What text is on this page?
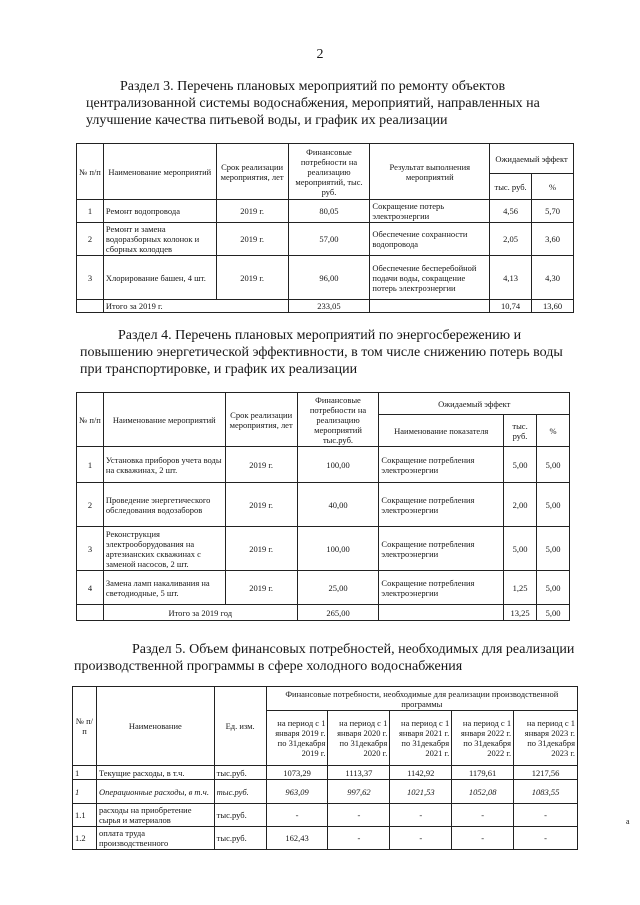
2
Раздел 3. Перечень плановых мероприятий по ремонту объектов
централизованной системы водоснабжения, мероприятий, направленных на
улучшение качества питьевой воды, и график их реализации
№ п/п	Наименование мероприятий	Срок реализации мероприятия, лет	Финансовые потребности на реализацию мероприятий, тыс. руб.	Результат выполнения мероприятий	Ожидаемый эффект	
					тыс. руб.	%
1	Ремонт водопровода	2019 г.	80,05	Сокращение потерь электроэнергии	4,56	5,70
2	Ремонт и замена водоразборных колонок и сборных колодцев	2019 г.	57,00	Обеспечение сохранности водопровода	2,05	3,60
3	Хлорирование башен, 4 шт.	2019 г.	96,00	Обеспечение бесперебойной подачи воды, сокращение потерь электроэнергии	4,13	4,30
	Итого за 2019 г.		233,05		10,74	13,60
Раздел 4. Перечень плановых мероприятий по энергосбережению и
повышению энергетической эффективности, в том числе снижению потерь воды
при транспортировке, и график их реализации
№ п/п	Наименование мероприятий	Срок реализации мероприятия, лет	Финансовые потребности на реализацию мероприятий тыс.руб.	Ожидаемый эффект		
				Наименование показателя	тыс. руб.	%
1	Установка приборов учета воды на скважинах, 2 шт.	2019 г.	100,00	Сокращение потребления электроэнергии	5,00	5,00
2	Проведение энергетического обследования водозаборов	2019 г.	40,00	Сокращение потребления электроэнергии	2,00	5,00
3	Реконструкция электрооборудования на артезианских скважинах с заменой насосов, 2 шт.	2019 г.	100,00	Сокращение потребления электроэнергии	5,00	5,00
4	Замена ламп накаливания на светодиодные, 5 шт.	2019 г.	25,00	Сокращение потребления электроэнергии	1,25	5,00
	Итого за 2019 год		265,00		13,25	5,00
Раздел 5. Объем финансовых потребностей, необходимых для реализации
производственной программы в сфере холодного водоснабжения
№ п/п	Наименование	Ед. изм.	Финансовые потребности, необходимые для реализации производственной программы				
			на период с 1 января 2019 г. по 31декабря 2019 г.	на период с 1 января 2020 г. по 31декабря 2020 г.	на период с 1 января 2021 г. по 31декабря 2021 г.	на период с 1 января 2022 г. по 31декабря 2022 г.	на период с 1 января 2023 г. по 31декабря 2023 г.
1	Текущие расходы, в т.ч.	тыс.руб.	1073,29	1113,37	1142,92	1179,61	1217,56
1	Операционные расходы, в т.ч.	тыс.руб.	963,09	997,62	1021,53	1052,08	1083,55
1.1	расходы на приобретение сырья и материалов	тыс.руб.	-	-	-	-	-
1.2	оплата труда производственного	тыс.руб.	162,43	-	-	-	-
а
